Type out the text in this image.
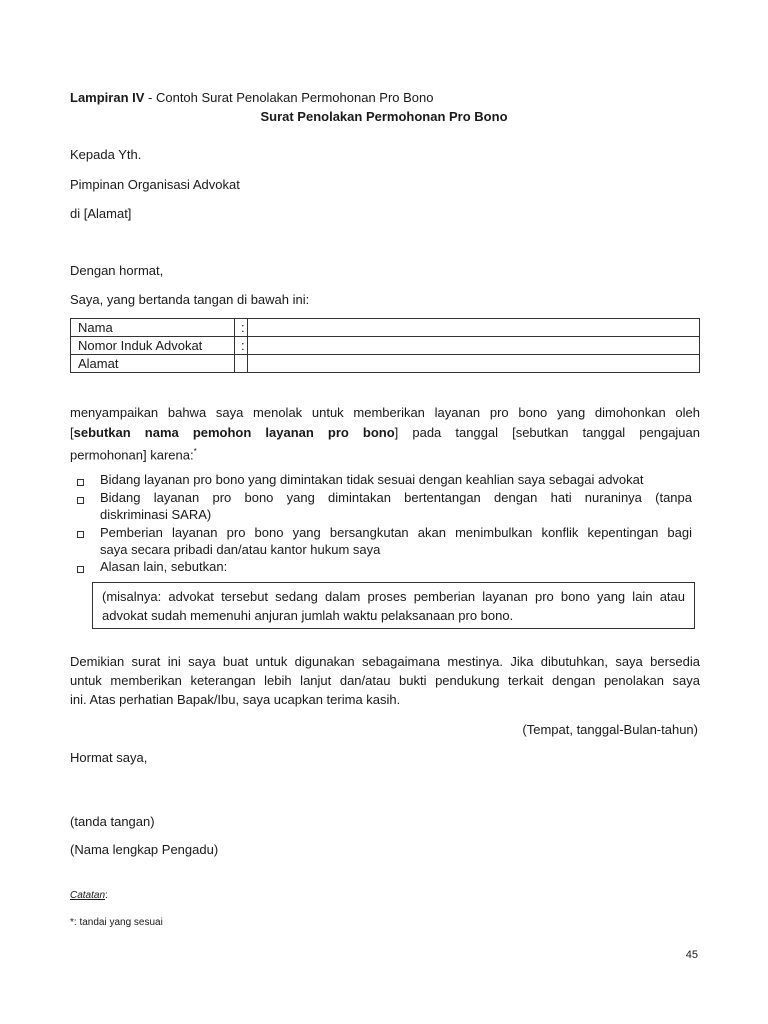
Lampiran IV - Contoh Surat Penolakan Permohonan Pro Bono
Surat Penolakan Permohonan Pro Bono
Kepada Yth.
Pimpinan Organisasi Advokat
di [Alamat]
Dengan hormat,
Saya, yang bertanda tangan di bawah ini:
Nama	:	
Nomor Induk Advokat	:	
Alamat		
menyampaikan bahwa saya menolak untuk memberikan layanan pro bono yang dimohonkan oleh
[sebutkan nama pemohon layanan pro bono] pada tanggal [sebutkan tanggal pengajuan
permohonan] karena:*
Bidang layanan pro bono yang dimintakan tidak sesuai dengan keahlian saya sebagai advokat
Bidang layanan pro bono yang dimintakan bertentangan dengan hati nuraninya (tanpa
diskriminasi SARA)
Pemberian layanan pro bono yang bersangkutan akan menimbulkan konflik kepentingan bagi
saya secara pribadi dan/atau kantor hukum saya
Alasan lain, sebutkan:
(misalnya: advokat tersebut sedang dalam proses pemberian layanan pro bono yang lain atau
advokat sudah memenuhi anjuran jumlah waktu pelaksanaan pro bono.
Demikian surat ini saya buat untuk digunakan sebagaimana mestinya. Jika dibutuhkan, saya bersedia
untuk memberikan keterangan lebih lanjut dan/atau bukti pendukung terkait dengan penolakan saya
ini. Atas perhatian Bapak/Ibu, saya ucapkan terima kasih.
(Tempat, tanggal-Bulan-tahun)
Hormat saya,
(tanda tangan)
(Nama lengkap Pengadu)
Catatan:
*: tandai yang sesuai
45
